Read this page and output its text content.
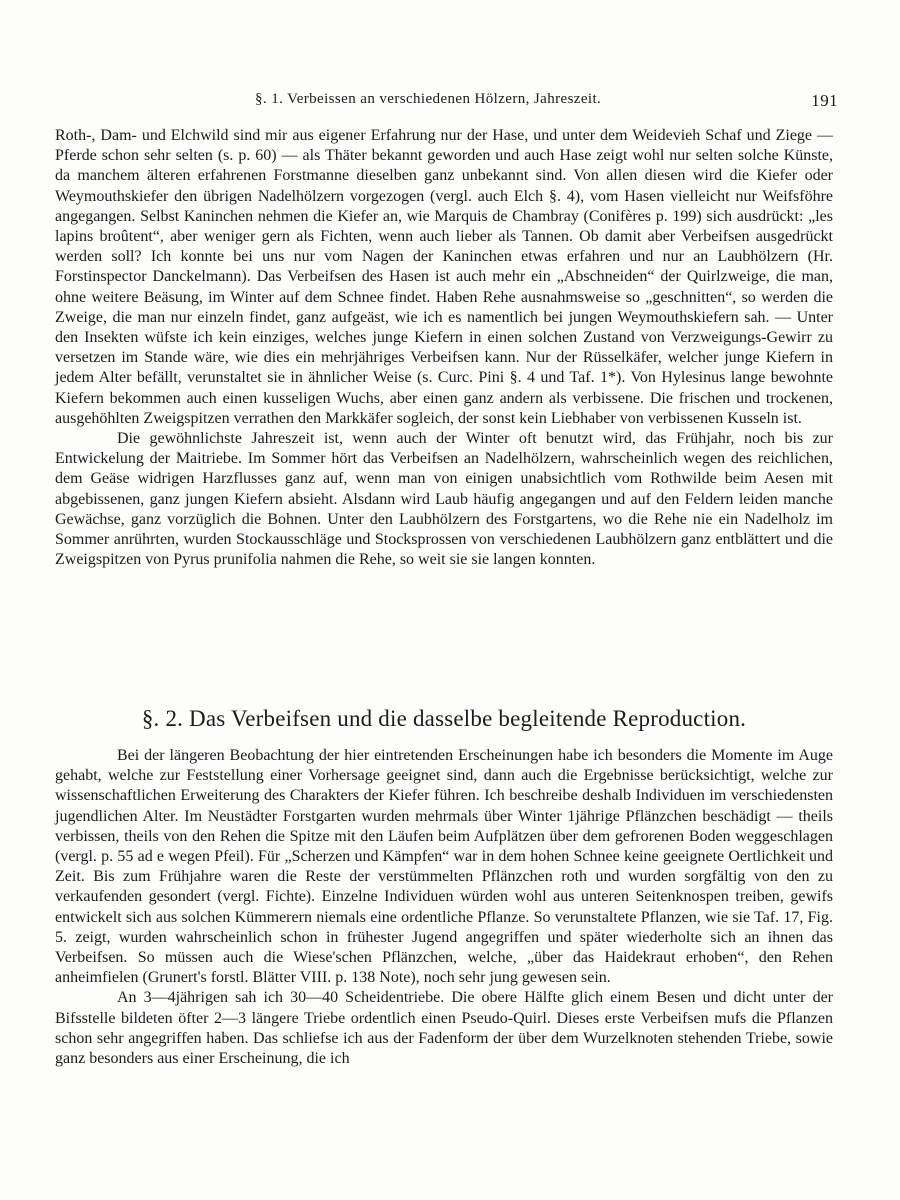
§. 1. Verbeissen an verschiedenen Hölzern, Jahreszeit.	191

Roth-, Dam- und Elchwild sind mir aus eigener Erfahrung nur der Hase, und unter dem Weidevieh Schaf und Ziege — Pferde schon sehr selten (s. p. 60) — als Thäter bekannt geworden und auch Hase zeigt wohl nur selten solche Künste, da manchem älteren erfahrenen Forstmanne dieselben ganz unbekannt sind. Von allen diesen wird die Kiefer oder Weymouthskiefer den übrigen Nadelhölzern vorgezogen (vergl. auch Elch §. 4), vom Hasen vielleicht nur Weifsföhre angegangen. Selbst Kaninchen nehmen die Kiefer an, wie Marquis de Chambray (Conifères p. 199) sich ausdrückt: „les lapins broûtent“, aber weniger gern als Fichten, wenn auch lieber als Tannen. Ob damit aber Verbeifsen ausgedrückt werden soll? Ich konnte bei uns nur vom Nagen der Kaninchen etwas erfahren und nur an Laubhölzern (Hr. Forstinspector Danckelmann). Das Verbeifsen des Hasen ist auch mehr ein „Abschneiden“ der Quirlzweige, die man, ohne weitere Beäsung, im Winter auf dem Schnee findet. Haben Rehe ausnahmsweise so „geschnitten“, so werden die Zweige, die man nur einzeln findet, ganz aufgeäst, wie ich es namentlich bei jungen Weymouthskiefern sah. — Unter den Insekten wüfste ich kein einziges, welches junge Kiefern in einen solchen Zustand von Verzweigungs-Gewirr zu versetzen im Stande wäre, wie dies ein mehrjähriges Verbeifsen kann. Nur der Rüsselkäfer, welcher junge Kiefern in jedem Alter befällt, verunstaltet sie in ähnlicher Weise (s. Curc. Pini §. 4 und Taf. 1*). Von Hylesinus lange bewohnte Kiefern bekommen auch einen kusseligen Wuchs, aber einen ganz andern als verbissene. Die frischen und trockenen, ausgehöhlten Zweigspitzen verrathen den Markkäfer sogleich, der sonst kein Liebhaber von verbissenen Kusseln ist.

Die gewöhnlichste Jahreszeit ist, wenn auch der Winter oft benutzt wird, das Frühjahr, noch bis zur Entwickelung der Maitriebe. Im Sommer hört das Verbeifsen an Nadelhölzern, wahrscheinlich wegen des reichlichen, dem Geäse widrigen Harzflusses ganz auf, wenn man von einigen unabsichtlich vom Rothwilde beim Aesen mit abgebissenen, ganz jungen Kiefern absieht. Alsdann wird Laub häufig angegangen und auf den Feldern leiden manche Gewächse, ganz vorzüglich die Bohnen. Unter den Laubhölzern des Forstgartens, wo die Rehe nie ein Nadelholz im Sommer anrührten, wurden Stockausschläge und Stocksprossen von verschiedenen Laubhölzern ganz entblättert und die Zweigspitzen von Pyrus prunifolia nahmen die Rehe, so weit sie sie langen konnten.

§. 2. Das Verbeifsen und die dasselbe begleitende Reproduction.

Bei der längeren Beobachtung der hier eintretenden Erscheinungen habe ich besonders die Momente im Auge gehabt, welche zur Feststellung einer Vorhersage geeignet sind, dann auch die Ergebnisse berücksichtigt, welche zur wissenschaftlichen Erweiterung des Charakters der Kiefer führen. Ich beschreibe deshalb Individuen im verschiedensten jugendlichen Alter. Im Neustädter Forstgarten wurden mehrmals über Winter 1jährige Pflänzchen beschädigt — theils verbissen, theils von den Rehen die Spitze mit den Läufen beim Aufplätzen über dem gefrorenen Boden weggeschlagen (vergl. p. 55 ad e wegen Pfeil). Für „Scherzen und Kämpfen“ war in dem hohen Schnee keine geeignete Oertlichkeit und Zeit. Bis zum Frühjahre waren die Reste der verstümmelten Pflänzchen roth und wurden sorgfältig von den zu verkaufenden gesondert (vergl. Fichte). Einzelne Individuen würden wohl aus unteren Seitenknospen treiben, gewifs entwickelt sich aus solchen Kümmerern niemals eine ordentliche Pflanze. So verunstaltete Pflanzen, wie sie Taf. 17, Fig. 5. zeigt, wurden wahrscheinlich schon in frühester Jugend angegriffen und später wiederholte sich an ihnen das Verbeifsen. So müssen auch die Wiese'schen Pflänzchen, welche, „über das Haidekraut erhoben“, den Rehen anheimfielen (Grunert's forstl. Blätter VIII. p. 138 Note), noch sehr jung gewesen sein.

An 3—4jährigen sah ich 30—40 Scheidentriebe. Die obere Hälfte glich einem Besen und dicht unter der Bifsstelle bildeten öfter 2—3 längere Triebe ordentlich einen Pseudo-Quirl. Dieses erste Verbeifsen mufs die Pflanzen schon sehr angegriffen haben. Das schliefse ich aus der Fadenform der über dem Wurzelknoten stehenden Triebe, sowie ganz besonders aus einer Erscheinung, die ich
